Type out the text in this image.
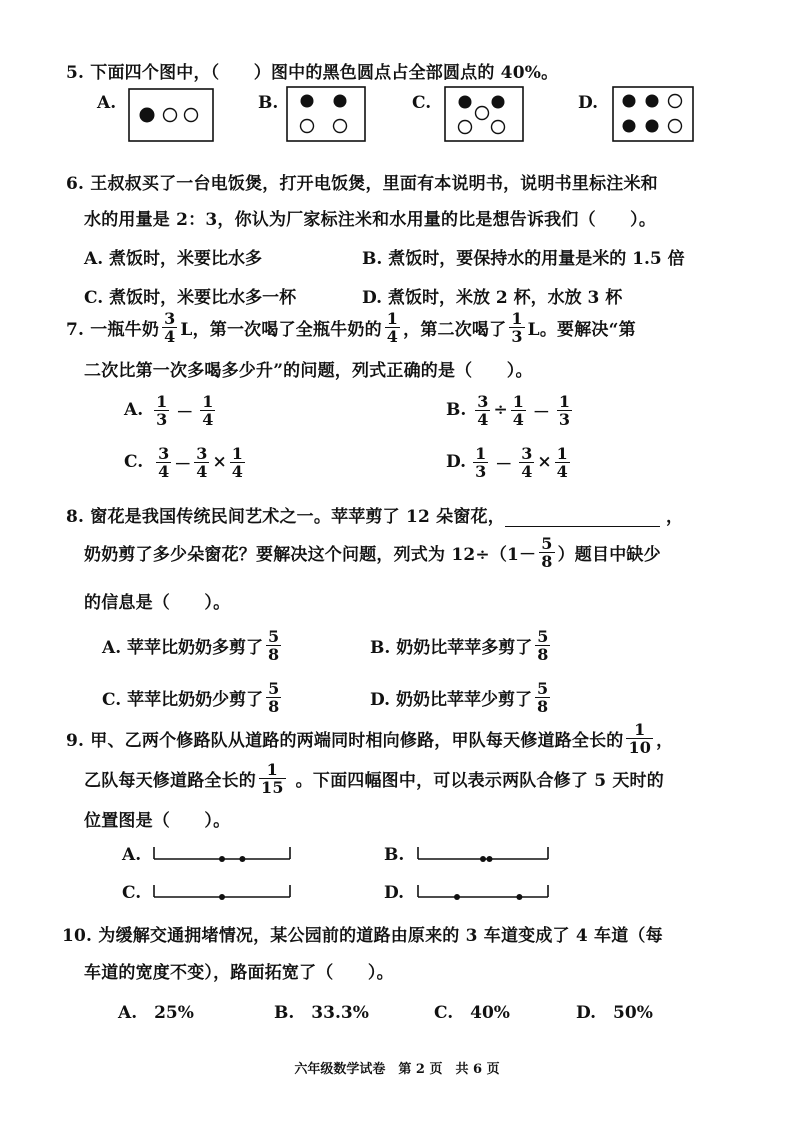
5. 下面四个图中，（　　）图中的黑色圆点占全部圆点的 40%。
A.	B.	C.	D.
6. 王叔叔买了一台电饭煲，打开电饭煲，里面有本说明书，说明书里标注米和
水的用量是 2：3，你认为厂家标注米和水用量的比是想告诉我们（　　）。
A. 煮饭时，米要比水多	B. 煮饭时，要保持水的用量是米的 1.5 倍
C. 煮饭时，米要比水多一杯	D. 煮饭时，米放 2 杯，水放 3 杯
7. 一瓶牛奶 $\frac{3}{4}$ L，第一次喝了全瓶牛奶的 $\frac{1}{4}$ ，第二次喝了 $\frac{1}{3}$ L。要解决“第
二次比第一次多喝多少升”的问题，列式正确的是（　　）。
A. $\frac{1}{3} - \frac{1}{4}$	B. $\frac{3}{4} \div \frac{1}{4} - \frac{1}{3}$
C. $\frac{3}{4} - \frac{3}{4} \times \frac{1}{4}$	D. $\frac{1}{3} - \frac{3}{4} \times \frac{1}{4}$
8. 窗花是我国传统民间艺术之一。苹苹剪了 12 朵窗花，	，
奶奶剪了多少朵窗花？要解决这个问题，列式为 $12\div(1- \frac{5}{8}$ ）题目中缺少
的信息是（　　）。
A. 苹苹比奶奶多剪了 $\frac{5}{8}$	B. 奶奶比苹苹多剪了 $\frac{5}{8}$
C. 苹苹比奶奶少剪了 $\frac{5}{8}$	D. 奶奶比苹苹少剪了 $\frac{5}{8}$
9. 甲、乙两个修路队从道路的两端同时相向修路，甲队每天修道路全长的 $\frac{1}{10}$ ，
乙队每天修道路全长的 $\frac{1}{15}$ 。下面四幅图中，可以表示两队合修了 5 天时的
位置图是（　　）。
A.	B.
C.	D.
10. 为缓解交通拥堵情况，某公园前的道路由原来的 3 车道变成了 4 车道（每
车道的宽度不变），路面拓宽了（　　）。
A.　25%	B.　33.3%	C.　40%	D.　50%
六年级数学试卷　第 2 页　共 6 页
